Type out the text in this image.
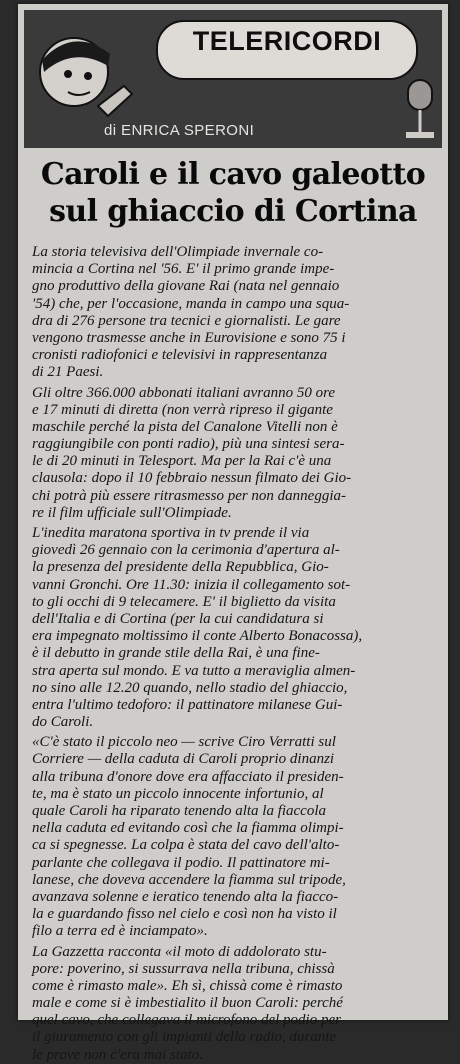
TELERICORDI
di ENRICA SPERONI
Caroli e il cavo galeotto
sul ghiaccio di Cortina
La storia televisiva dell'Olimpiade invernale co-
mincia a Cortina nel '56. E' il primo grande impe-
gno produttivo della giovane Rai (nata nel gennaio
'54) che, per l'occasione, manda in campo una squa-
dra di 276 persone tra tecnici e giornalisti. Le gare
vengono trasmesse anche in Eurovisione e sono 75 i
cronisti radiofonici e televisivi in rappresentanza
di 21 Paesi.
Gli oltre 366.000 abbonati italiani avranno 50 ore
e 17 minuti di diretta (non verrà ripreso il gigante
maschile perché la pista del Canalone Vitelli non è
raggiungibile con ponti radio), più una sintesi sera-
le di 20 minuti in Telesport. Ma per la Rai c'è una
clausola: dopo il 10 febbraio nessun filmato dei Gio-
chi potrà più essere ritrasmesso per non danneggia-
re il film ufficiale sull'Olimpiade.
L'inedita maratona sportiva in tv prende il via
giovedì 26 gennaio con la cerimonia d'apertura al-
la presenza del presidente della Repubblica, Gio-
vanni Gronchi. Ore 11.30: inizia il collegamento sot-
to gli occhi di 9 telecamere. E' il biglietto da visita
dell'Italia e di Cortina (per la cui candidatura si
era impegnato moltissimo il conte Alberto Bonacossa),
è il debutto in grande stile della Rai, è una fine-
stra aperta sul mondo. E va tutto a meraviglia almen-
no sino alle 12.20 quando, nello stadio del ghiaccio,
entra l'ultimo tedoforo: il pattinatore milanese Gui-
do Caroli.
«C'è stato il piccolo neo — scrive Ciro Verratti sul
Corriere — della caduta di Caroli proprio dinanzi
alla tribuna d'onore dove era affacciato il presiden-
te, ma è stato un piccolo innocente infortunio, al
quale Caroli ha riparato tenendo alta la fiaccola
nella caduta ed evitando così che la fiamma olimpi-
ca si spegnesse. La colpa è stata del cavo dell'alto-
parlante che collegava il podio. Il pattinatore mi-
lanese, che doveva accendere la fiamma sul tripode,
avanzava solenne e ieratico tenendo alta la fiacco-
la e guardando fisso nel cielo e così non ha visto il
filo a terra ed è inciampato».
La Gazzetta racconta «il moto di addolorato stu-
pore: poverino, si sussurrava nella tribuna, chissà
come è rimasto male». Eh sì, chissà come è rimasto
male e come si è imbestialito il buon Caroli: perché
quel cavo, che collegava il microfono del podio per
il giuramento con gli impianti della radio, durante
le prove non c'era mai stato.
